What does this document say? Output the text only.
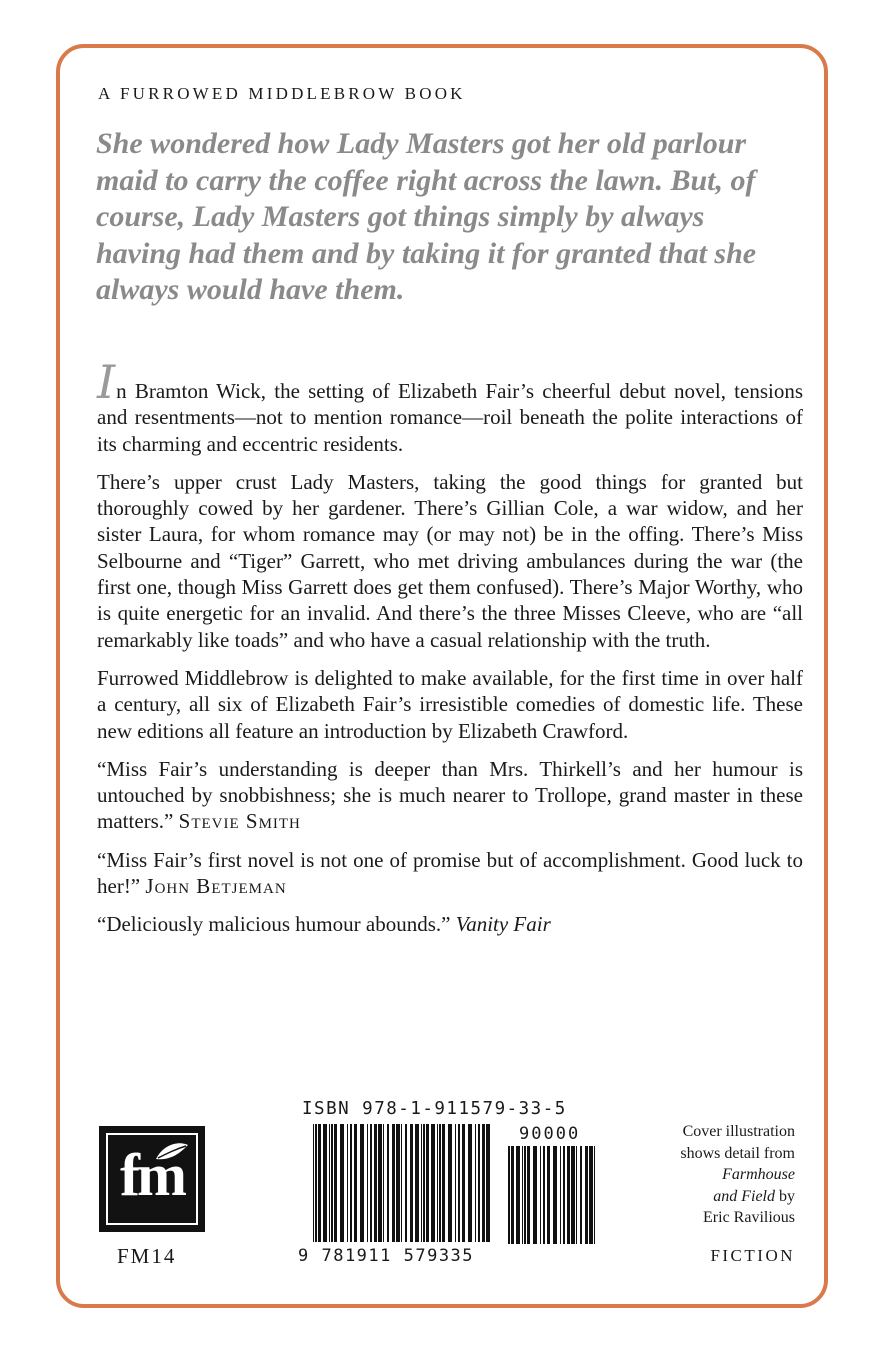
A FURROWED MIDDLEBROW BOOK

She wondered how Lady Masters got her old parlour maid to carry the coffee right across the lawn. But, of course, Lady Masters got things simply by always having had them and by taking it for granted that she always would have them.

In Bramton Wick, the setting of Elizabeth Fair’s cheerful debut novel, tensions and resentments—not to mention romance—roil beneath the polite interactions of its charming and eccentric residents.

There’s upper crust Lady Masters, taking the good things for granted but thoroughly cowed by her gardener. There’s Gillian Cole, a war widow, and her sister Laura, for whom romance may (or may not) be in the offing. There’s Miss Selbourne and “Tiger” Garrett, who met driving ambulances during the war (the first one, though Miss Garrett does get them confused). There’s Major Worthy, who is quite energetic for an invalid. And there’s the three Misses Cleeve, who are “all remarkably like toads” and who have a casual relationship with the truth.

Furrowed Middlebrow is delighted to make available, for the first time in over half a century, all six of Elizabeth Fair’s irresistible comedies of domestic life. These new editions all feature an introduction by Elizabeth Crawford.

“Miss Fair’s understanding is deeper than Mrs. Thirkell’s and her humour is untouched by snobbishness; she is much nearer to Trollope, grand master in these matters.” Stevie Smith

“Miss Fair’s first novel is not one of promise but of accomplishment. Good luck to her!” John Betjeman

“Deliciously malicious humour abounds.” Vanity Fair

fm
FM14
ISBN 978-1-911579-33-5
90000
9 781911 579335
Cover illustration
shows detail from
Farmhouse
and Field by
Eric Ravilious
FICTION
